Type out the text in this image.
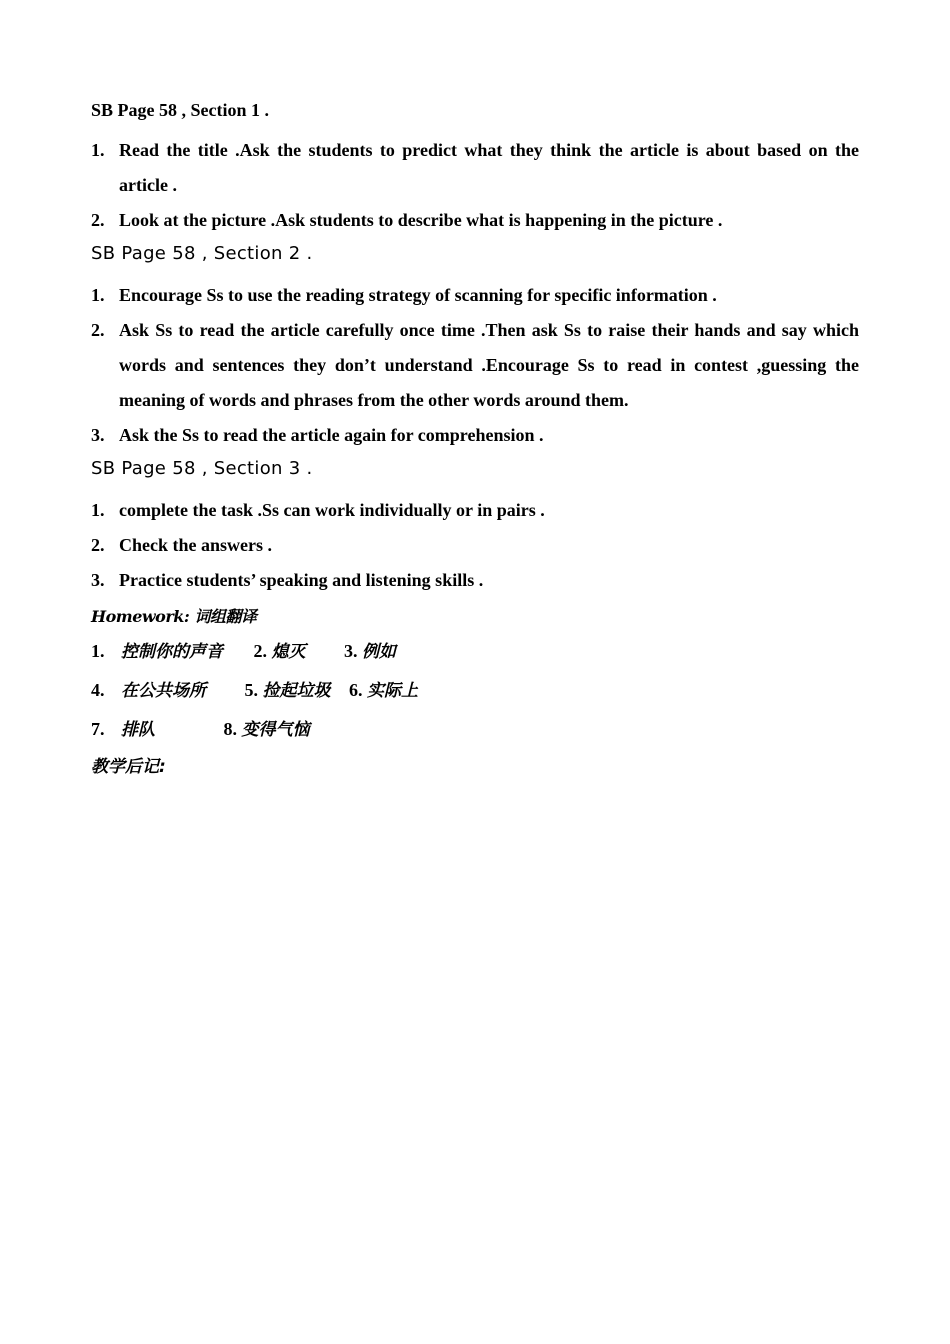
SB Page 58 , Section 1 .
1. Read the title .Ask the students to predict what they think the article is about based on the article .
2. Look at the picture .Ask students to describe what is happening in the picture .
SB Page 58 , Section 2 .
1. Encourage Ss to use the reading strategy of scanning for specific information .
2. Ask Ss to read the article carefully once time .Then ask Ss to raise their hands and say which words and sentences they don’t understand .Encourage Ss to read in contest ,guessing the meaning of words and phrases from the other words around them.
3. Ask the Ss to read the article again for comprehension .
SB Page 58 , Section 3 .
1. complete the task .Ss can work individually or in pairs .
2. Check the answers .
3. Practice students’ speaking and listening skills .
Homework: 词组翻译
1. 控制你的声音 2. 熄灭 3. 例如
4. 在公共场所 5. 捡起垃圾 6. 实际上
7. 排队	8. 变得气恼
教学后记:
